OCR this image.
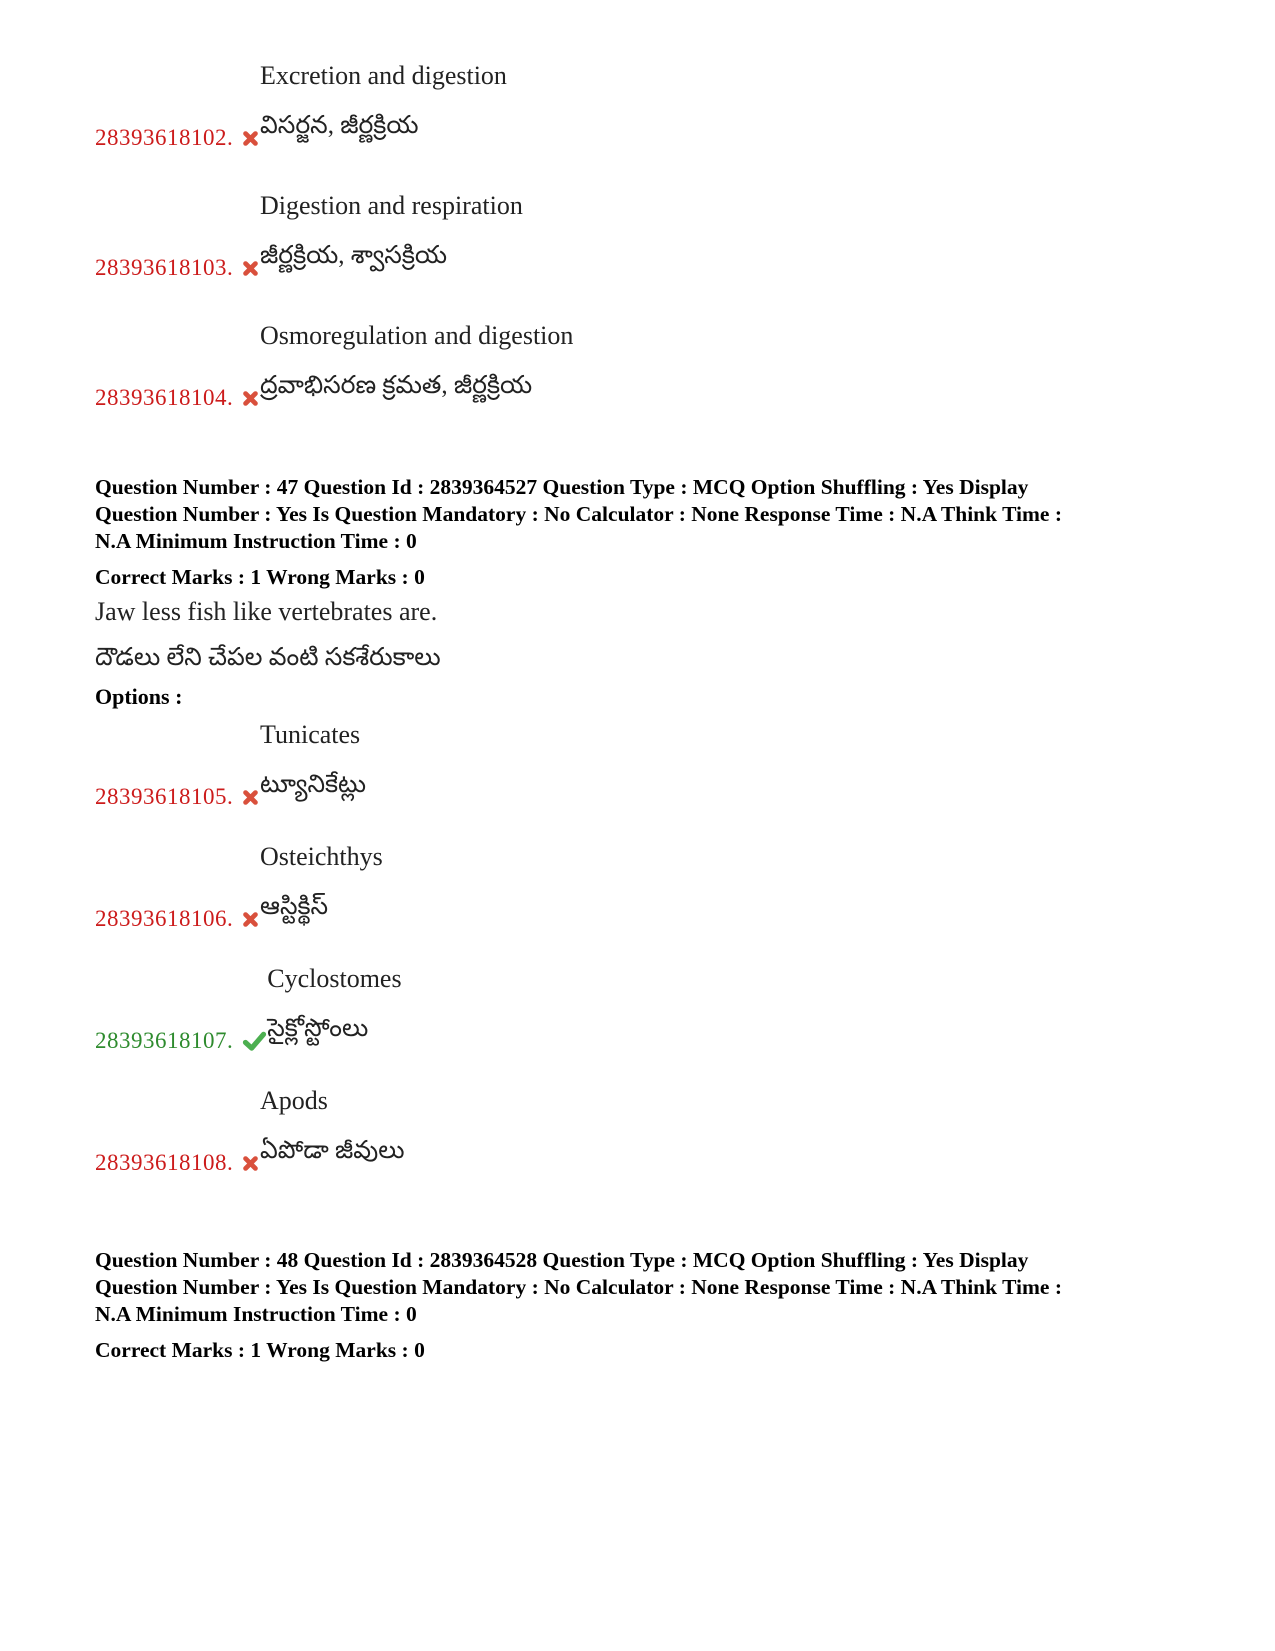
28393618102.
Excretion and digestion
విసర్జన, జీర్ణక్రియ
28393618103.
Digestion and respiration
జీర్ణక్రియ, శ్వాసక్రియ
28393618104.
Osmoregulation and digestion
ద్రవాభిసరణ క్రమత, జీర్ణక్రియ
Question Number : 47 Question Id : 2839364527 Question Type : MCQ Option Shuffling : Yes Display
Question Number : Yes Is Question Mandatory : No Calculator : None Response Time : N.A Think Time :
N.A Minimum Instruction Time : 0
Correct Marks : 1 Wrong Marks : 0
Jaw less fish like vertebrates are.
దౌడలు లేని చేపల వంటి సకశేరుకాలు
Options :
28393618105.
Tunicates
ట్యూనికేట్లు
28393618106.
Osteichthys
ఆస్టిక్థిస్
28393618107.
Cyclostomes
సైక్లోస్టోంలు
28393618108.
Apods
ఏపోడా జీవులు
Question Number : 48 Question Id : 2839364528 Question Type : MCQ Option Shuffling : Yes Display
Question Number : Yes Is Question Mandatory : No Calculator : None Response Time : N.A Think Time :
N.A Minimum Instruction Time : 0
Correct Marks : 1 Wrong Marks : 0
